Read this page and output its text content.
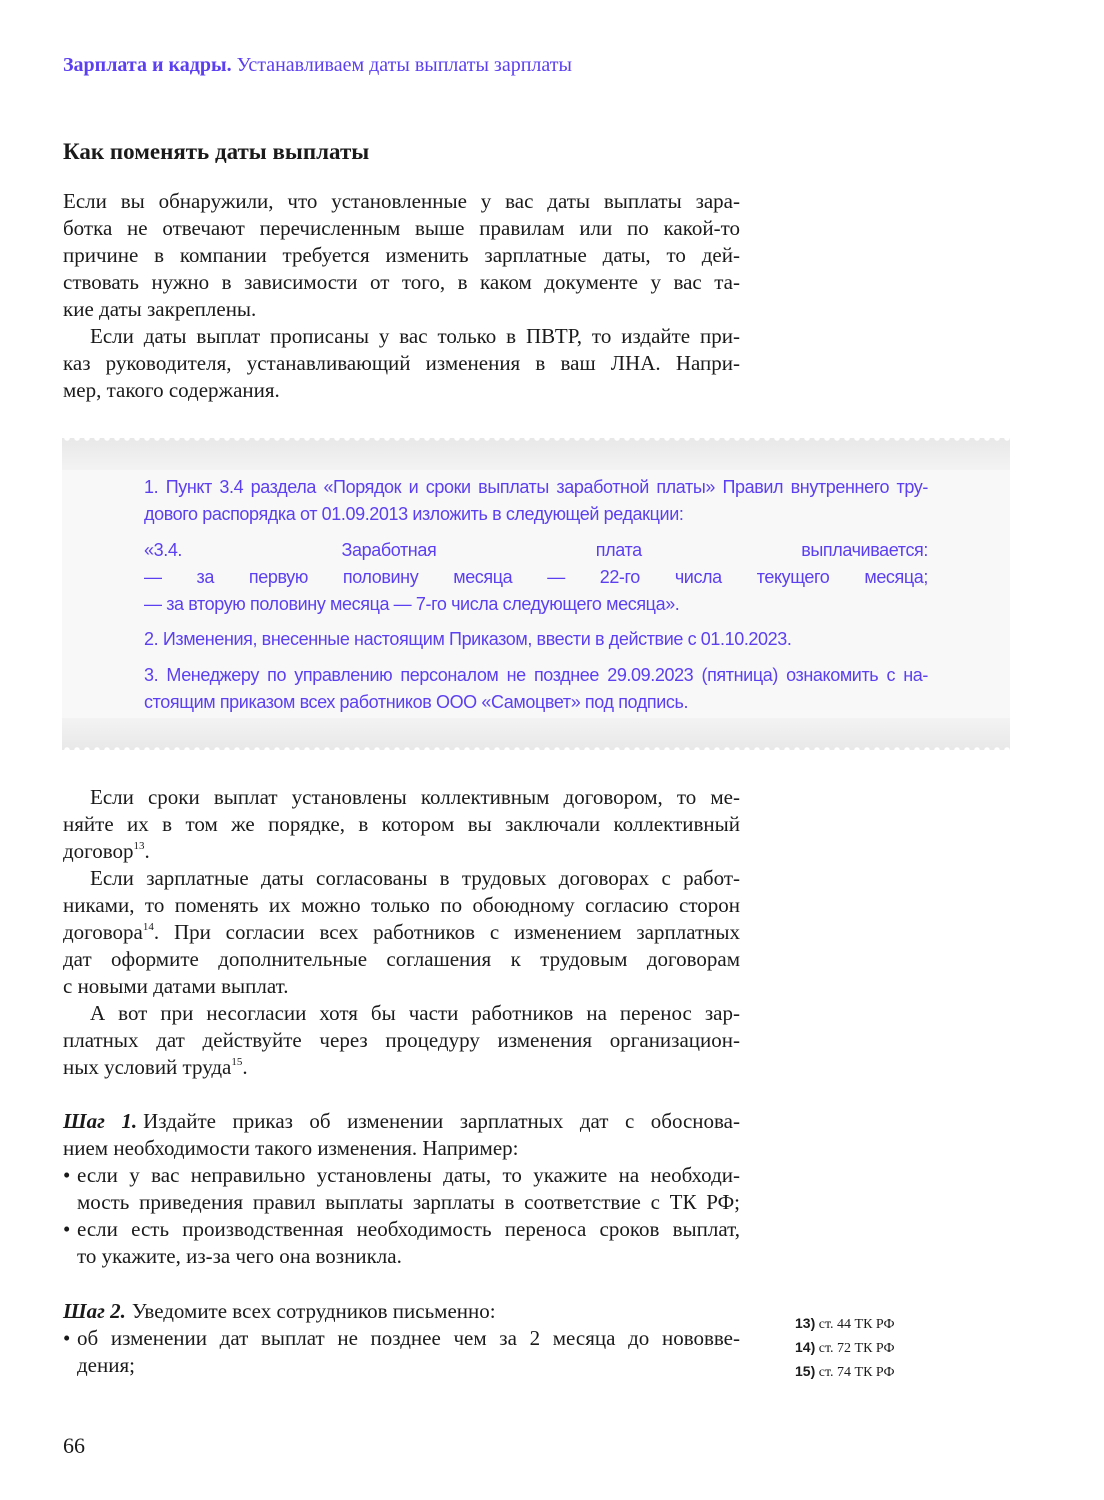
Зарплата и кадры. Устанавливаем даты выплаты зарплаты
Как поменять даты выплаты
Если вы обнаружили, что установленные у вас даты выплаты зара-
ботка не отвечают перечисленным выше правилам или по какой-то
причине в компании требуется изменить зарплатные даты, то дей-
ствовать нужно в зависимости от того, в каком документе у вас та-
кие даты закреплены.
Если даты выплат прописаны у вас только в ПВТР, то издайте при-
каз руководителя, устанавливающий изменения в ваш ЛНА. Напри-
мер, такого содержания.
1. Пункт 3.4 раздела «Порядок и сроки выплаты заработной платы» Правил внутреннего тру-
дового распорядка от 01.09.2013 изложить в следующей редакции:
«3.4. Заработная плата выплачивается:
— за первую половину месяца — 22-го числа текущего месяца;
— за вторую половину месяца — 7-го числа следующего месяца».
2. Изменения, внесенные настоящим Приказом, ввести в действие с 01.10.2023.
3. Менеджеру по управлению персоналом не позднее 29.09.2023 (пятница) ознакомить с на-
стоящим приказом всех работников ООО «Самоцвет» под подпись.
Если сроки выплат установлены коллективным договором, то ме-
няйте их в том же порядке, в котором вы заключали коллективный
договор$^{13}$.
Если зарплатные даты согласованы в трудовых договорах с работ-
никами, то поменять их можно только по обоюдному согласию сторон
договора$^{14}$. При согласии всех работников с изменением зарплатных
дат оформите дополнительные соглашения к трудовым договорам
с новыми датами выплат.
А вот при несогласии хотя бы части работников на перенос зар-
платных дат действуйте через процедуру изменения организацион-
ных условий труда$^{15}$.
Шаг 1. Издайте приказ об изменении зарплатных дат с обоснова-
нием необходимости такого изменения. Например:
• если у вас неправильно установлены даты, то укажите на необходи-
мость приведения правил выплаты зарплаты в соответствие с ТК РФ;
• если есть производственная необходимость переноса сроков выплат,
то укажите, из-за чего она возникла.
Шаг 2. Уведомите всех сотрудников письменно:
• об изменении дат выплат не позднее чем за 2 месяца до нововве-
дения;
13) ст. 44 ТК РФ
14) ст. 72 ТК РФ
15) ст. 74 ТК РФ
66
